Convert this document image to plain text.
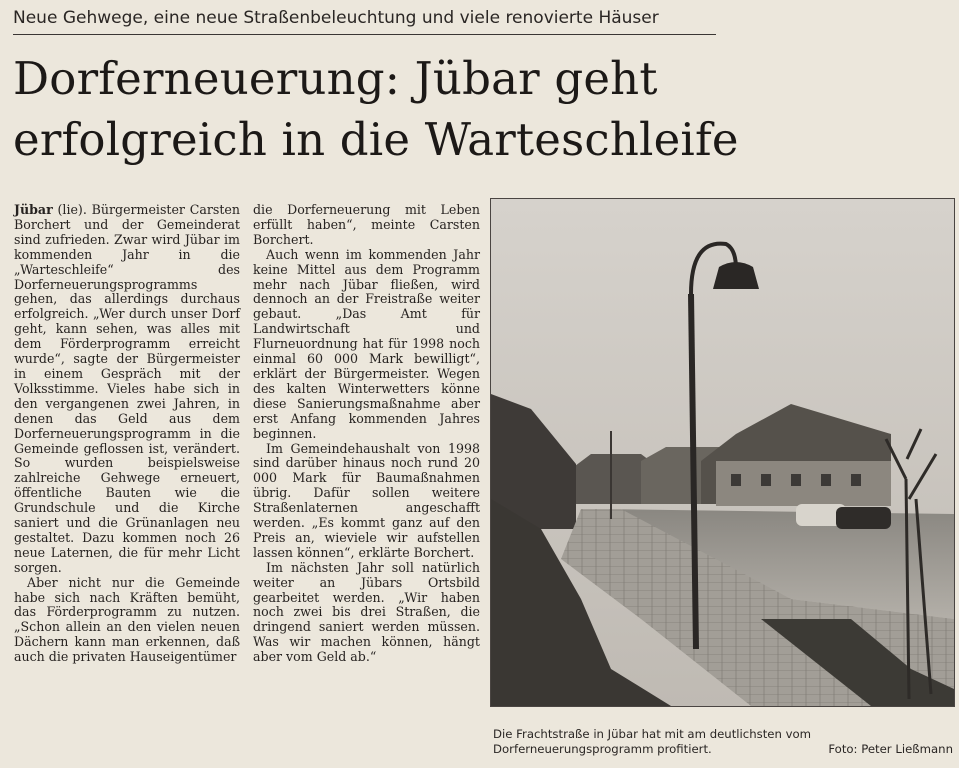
Neue Gehwege, eine neue Straßenbeleuchtung und viele renovierte Häuser
Dorferneuerung: Jübar geht
erfolgreich in die Warteschleife

Jübar (lie). Bürgermeister Carsten Borchert und der Gemeinderat sind zufrieden. Zwar wird Jübar im kommenden Jahr in die „Warteschleife“ des Dorferneuerungsprogramms gehen, das allerdings durchaus erfolgreich. „Wer durch unser Dorf geht, kann sehen, was alles mit dem Förderprogramm erreicht wurde“, sagte der Bürgermeister in einem Gespräch mit der Volksstimme. Vieles habe sich in den vergangenen zwei Jahren, in denen das Geld aus dem Dorferneuerungsprogramm in die Gemeinde geflossen ist, verändert. So wurden beispielsweise zahlreiche Gehwege erneuert, öffentliche Bauten wie die Grundschule und die Kirche saniert und die Grünanlagen neu gestaltet. Dazu kommen noch 26 neue Laternen, die für mehr Licht sorgen.

Aber nicht nur die Gemeinde habe sich nach Kräften bemüht, das Förderprogramm zu nutzen. „Schon allein an den vielen neuen Dächern kann man erkennen, daß auch die privaten Hauseigentümer

die Dorferneuerung mit Leben erfüllt haben“, meinte Carsten Borchert.

Auch wenn im kommenden Jahr keine Mittel aus dem Programm mehr nach Jübar fließen, wird dennoch an der Freistraße weiter gebaut. „Das Amt für Landwirtschaft und Flurneuordnung hat für 1998 noch einmal 60 000 Mark bewilligt“, erklärt der Bürgermeister. Wegen des kalten Winterwetters könne diese Sanierungsmaßnahme aber erst Anfang kommenden Jahres beginnen.

Im Gemeindehaushalt von 1998 sind darüber hinaus noch rund 20 000 Mark für Baumaßnahmen übrig. Dafür sollen weitere Straßenlaternen angeschafft werden. „Es kommt ganz auf den Preis an, wieviele wir aufstellen lassen können“, erklärte Borchert.

Im nächsten Jahr soll natürlich weiter an Jübars Ortsbild gearbeitet werden. „Wir haben noch zwei bis drei Straßen, die dringend saniert werden müssen. Was wir machen können, hängt aber vom Geld ab.“

Die Frachtstraße in Jübar hat mit am deutlichsten vom Dorferneuerungsprogramm profitiert.	Foto: Peter Ließmann
